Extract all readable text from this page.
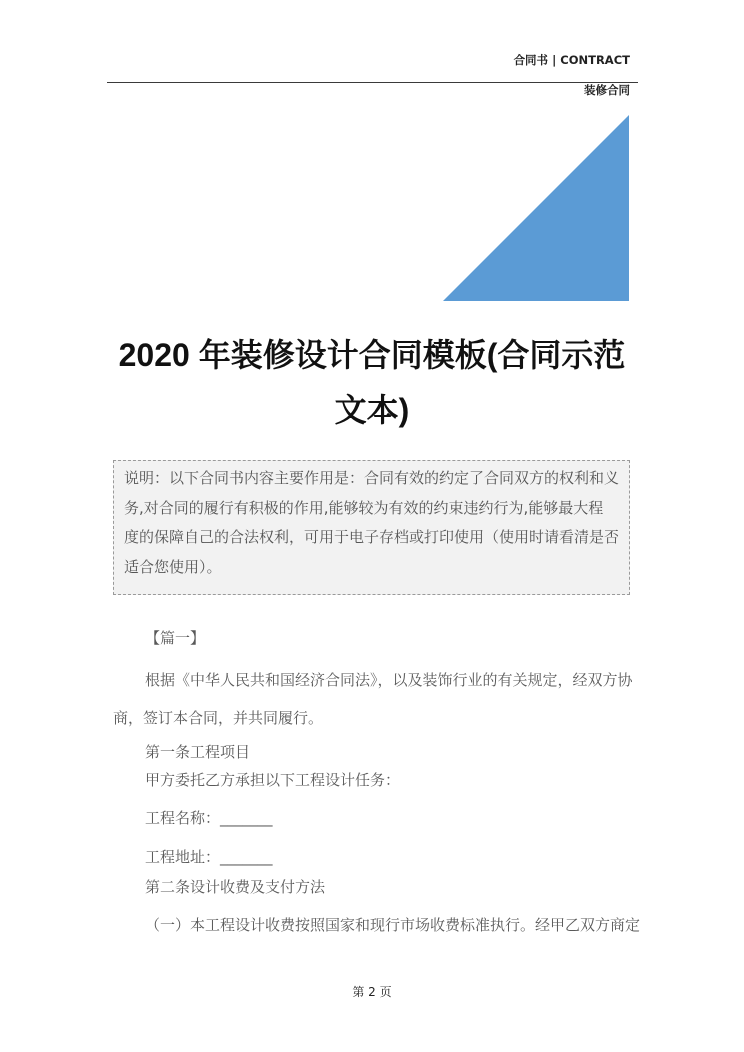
合同书 | CONTRACT
装修合同
2020 年装修设计合同模板(合同示范
文本)
说明：以下合同书内容主要作用是：合同有效的约定了合同双方的权利和义
务,对合同的履行有积极的作用,能够较为有效的约束违约行为,能够最大程
度的保障自己的合法权利，可用于电子存档或打印使用（使用时请看清是否
适合您使用）。
【篇一】
根据《中华人民共和国经济合同法》，以及装饰行业的有关规定，经双方协
商，签订本合同，并共同履行。
第一条工程项目
甲方委托乙方承担以下工程设计任务：
工程名称：_______
工程地址：_______
第二条设计收费及支付方法
（一）本工程设计收费按照国家和现行市场收费标准执行。经甲乙双方商定
第 2 页
